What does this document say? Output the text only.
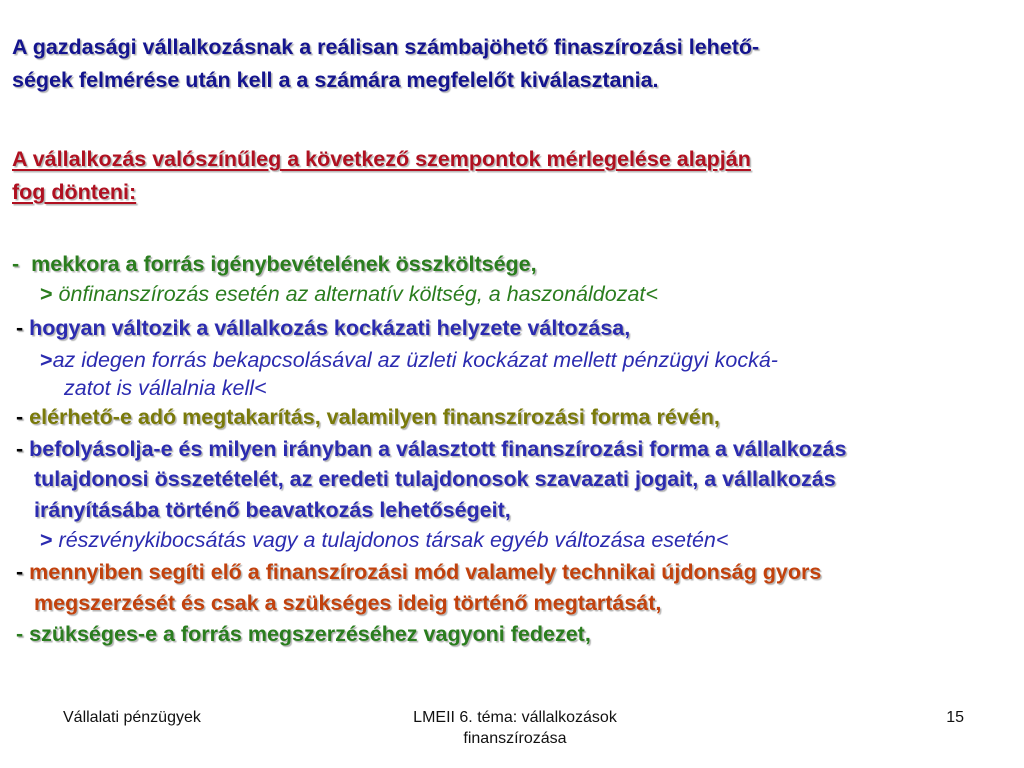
A gazdasági vállalkozásnak a reálisan számbajöhető finaszírozási lehető-
ségek felmérése után kell a a számára megfelelőt kiválasztania.
A vállalkozás valószínűleg a következő szempontok mérlegelése alapján
fog dönteni:
- mekkora a forrás igénybevételének összköltsége,
> önfinanszírozás esetén az alternatív költség, a haszonáldozat<
- hogyan változik a vállalkozás kockázati helyzete változása,
>az idegen forrás bekapcsolásával az üzleti kockázat mellett pénzügyi kocká-
zatot is vállalnia kell<
- elérhető-e adó megtakarítás, valamilyen finanszírozási forma révén,
- befolyásolja-e és milyen irányban a választott finanszírozási forma a vállalkozás
tulajdonosi összetételét, az eredeti tulajdonosok szavazati jogait, a vállalkozás
irányításába történő beavatkozás lehetőségeit,
> részvénykibocsátás vagy a tulajdonos társak egyéb változása esetén<
- mennyiben segíti elő a finanszírozási mód valamely technikai újdonság gyors
megszerzését és csak a szükséges ideig történő megtartását,
- szükséges-e a forrás megszerzéséhez vagyoni fedezet,
Vállalati pénzügyek	LMEII 6. téma: vállalkozások
finanszírozása
15
